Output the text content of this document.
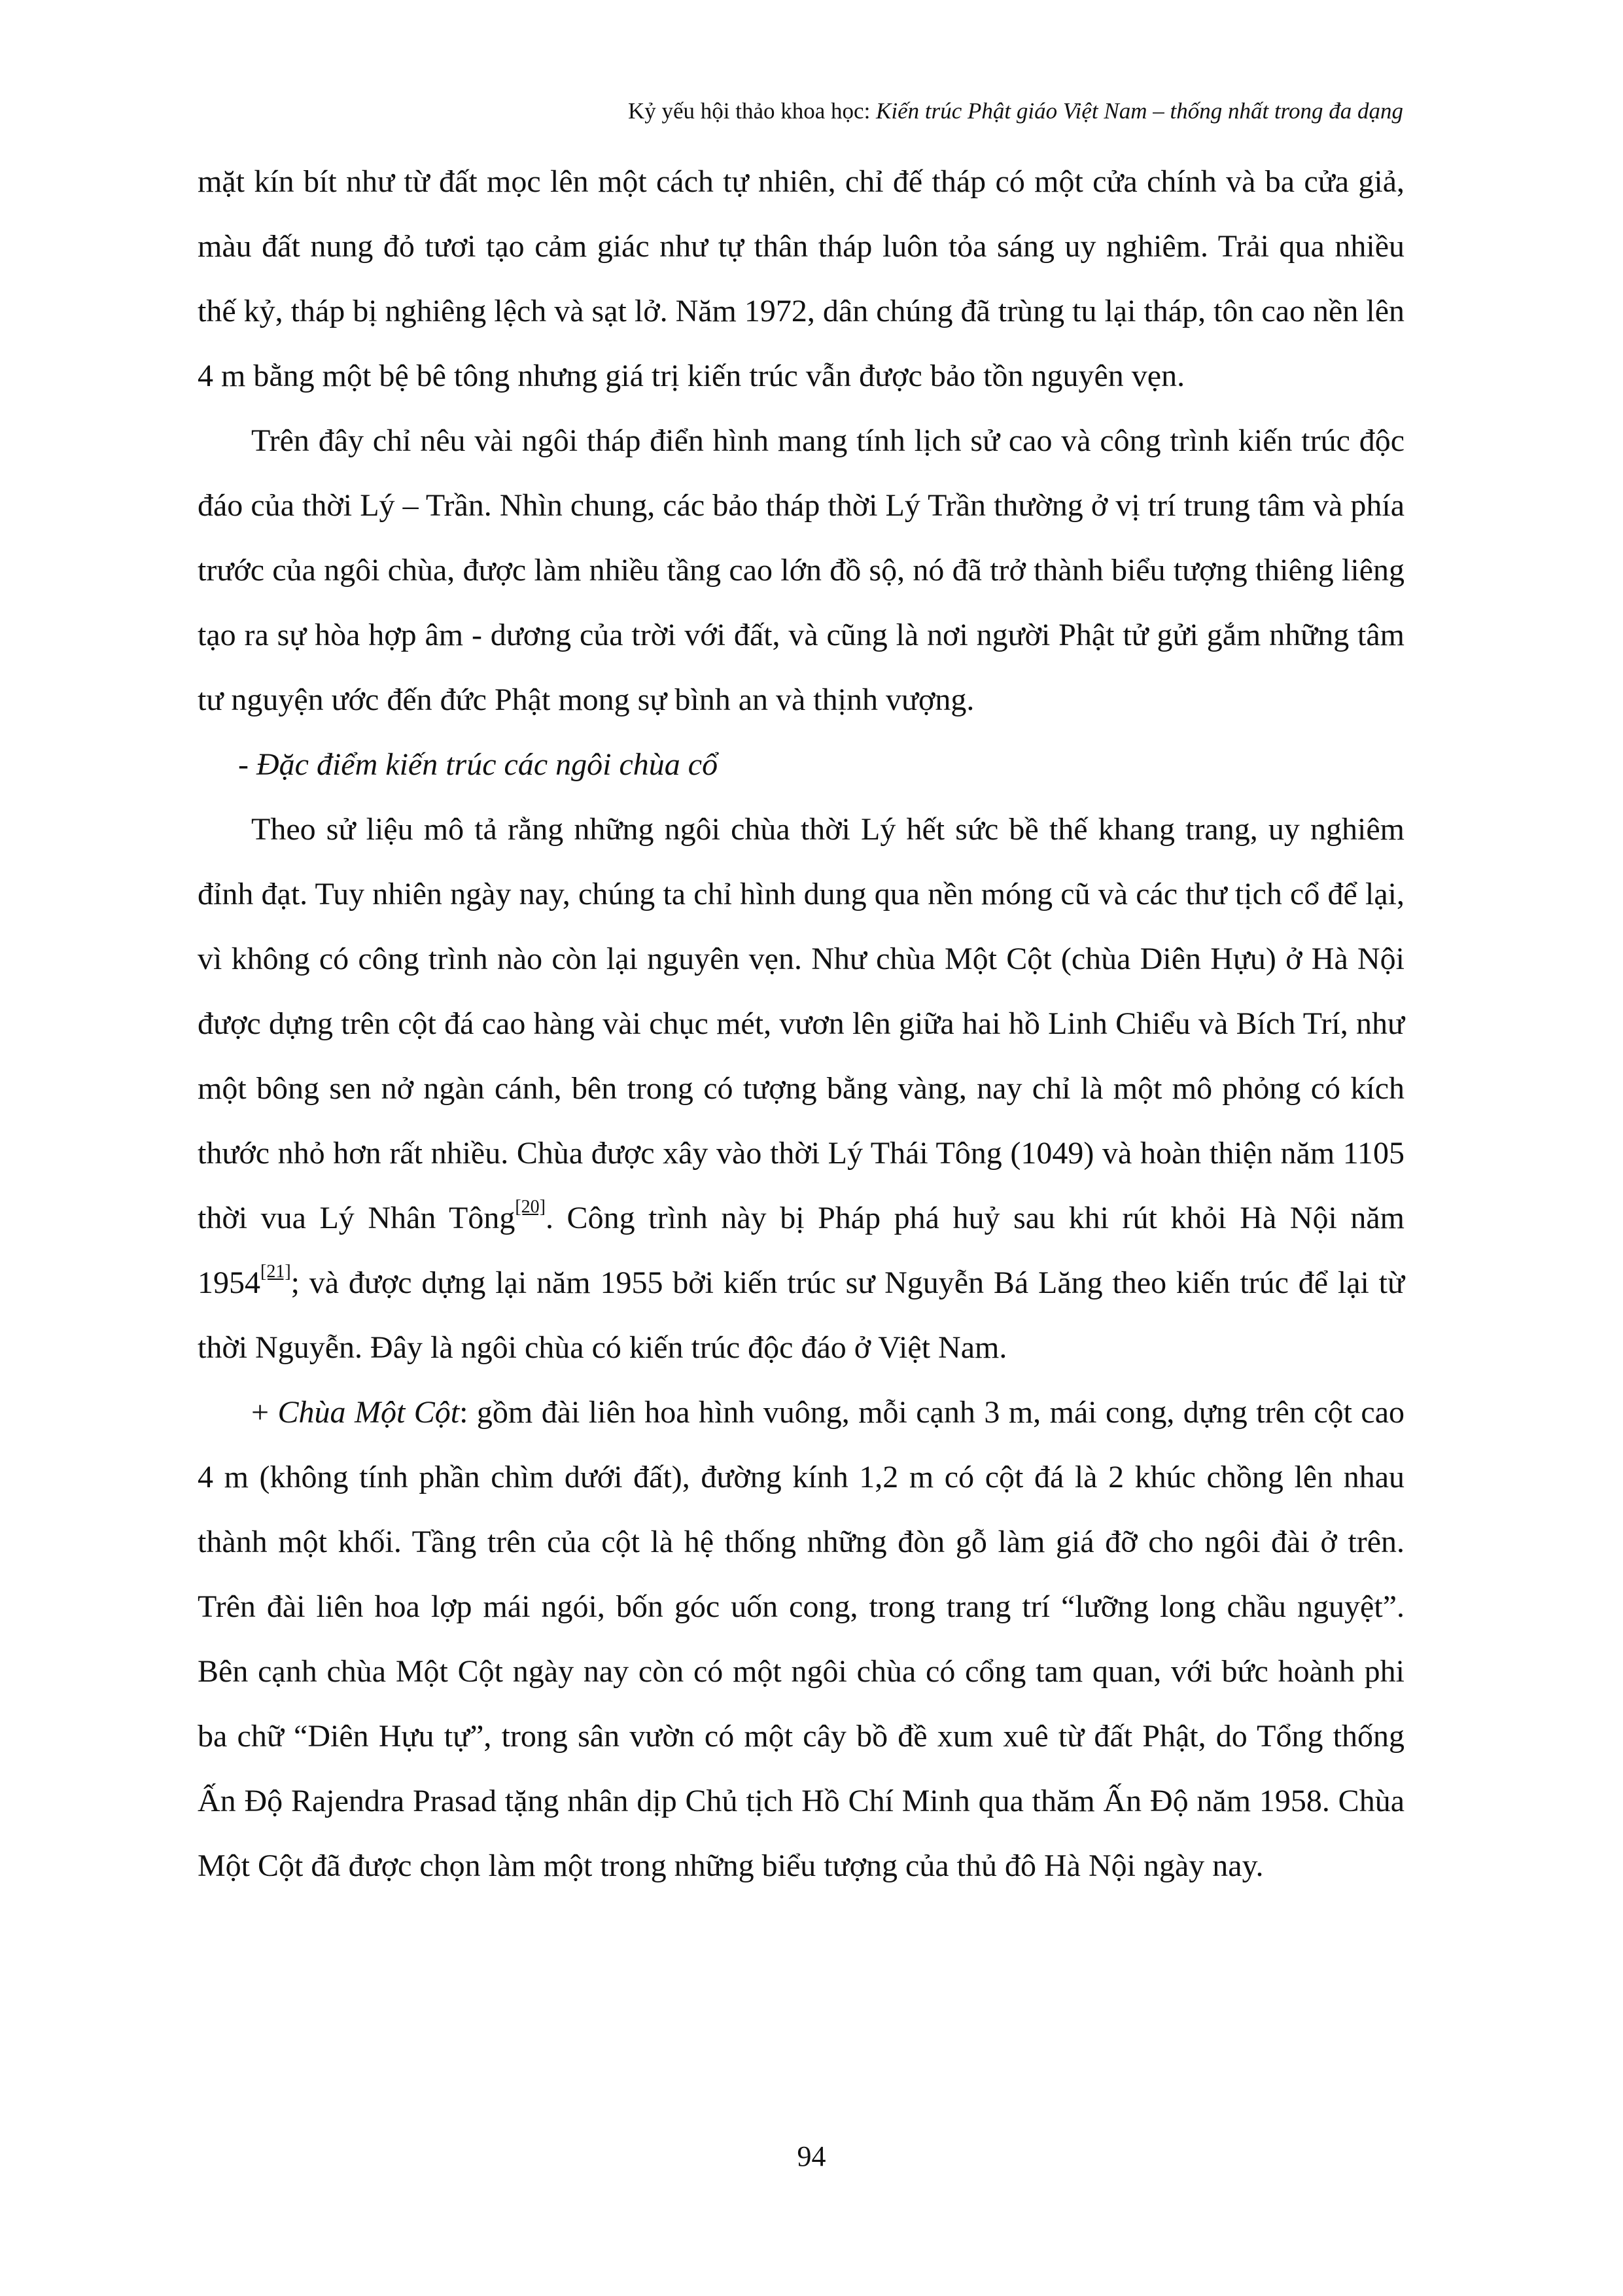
Kỷ yếu hội thảo khoa học: Kiến trúc Phật giáo Việt Nam – thống nhất trong đa dạng

mặt kín bít như từ đất mọc lên một cách tự nhiên, chỉ đế tháp có một cửa chính và ba cửa giả, màu đất nung đỏ tươi tạo cảm giác như tự thân tháp luôn tỏa sáng uy nghiêm. Trải qua nhiều thế kỷ, tháp bị nghiêng lệch và sạt lở. Năm 1972, dân chúng đã trùng tu lại tháp, tôn cao nền lên 4 m bằng một bệ bê tông nhưng giá trị kiến trúc vẫn được bảo tồn nguyên vẹn.

Trên đây chỉ nêu vài ngôi tháp điển hình mang tính lịch sử cao và công trình kiến trúc độc đáo của thời Lý – Trần. Nhìn chung, các bảo tháp thời Lý Trần thường ở vị trí trung tâm và phía trước của ngôi chùa, được làm nhiều tầng cao lớn đồ sộ, nó đã trở thành biểu tượng thiêng liêng tạo ra sự hòa hợp âm - dương của trời với đất, và cũng là nơi người Phật tử gửi gắm những tâm tư nguyện ước đến đức Phật mong sự bình an và thịnh vượng.

- Đặc điểm kiến trúc các ngôi chùa cổ

Theo sử liệu mô tả rằng những ngôi chùa thời Lý hết sức bề thế khang trang, uy nghiêm đỉnh đạt. Tuy nhiên ngày nay, chúng ta chỉ hình dung qua nền móng cũ và các thư tịch cổ để lại, vì không có công trình nào còn lại nguyên vẹn. Như chùa Một Cột (chùa Diên Hựu) ở Hà Nội được dựng trên cột đá cao hàng vài chục mét, vươn lên giữa hai hồ Linh Chiểu và Bích Trí, như một bông sen nở ngàn cánh, bên trong có tượng bằng vàng, nay chỉ là một mô phỏng có kích thước nhỏ hơn rất nhiều. Chùa được xây vào thời Lý Thái Tông (1049) và hoàn thiện năm 1105 thời vua Lý Nhân Tông[20]. Công trình này bị Pháp phá huỷ sau khi rút khỏi Hà Nội năm 1954[21]; và được dựng lại năm 1955 bởi kiến trúc sư Nguyễn Bá Lăng theo kiến trúc để lại từ thời Nguyễn. Đây là ngôi chùa có kiến trúc độc đáo ở Việt Nam.

+ Chùa Một Cột: gồm đài liên hoa hình vuông, mỗi cạnh 3 m, mái cong, dựng trên cột cao 4 m (không tính phần chìm dưới đất), đường kính 1,2 m có cột đá là 2 khúc chồng lên nhau thành một khối. Tầng trên của cột là hệ thống những đòn gỗ làm giá đỡ cho ngôi đài ở trên. Trên đài liên hoa lợp mái ngói, bốn góc uốn cong, trong trang trí “lưỡng long chầu nguyệt”. Bên cạnh chùa Một Cột ngày nay còn có một ngôi chùa có cổng tam quan, với bức hoành phi ba chữ “Diên Hựu tự”, trong sân vườn có một cây bồ đề xum xuê từ đất Phật, do Tổng thống Ấn Độ Rajendra Prasad tặng nhân dịp Chủ tịch Hồ Chí Minh qua thăm Ấn Độ năm 1958. Chùa Một Cột đã được chọn làm một trong những biểu tượng của thủ đô Hà Nội ngày nay.

94
